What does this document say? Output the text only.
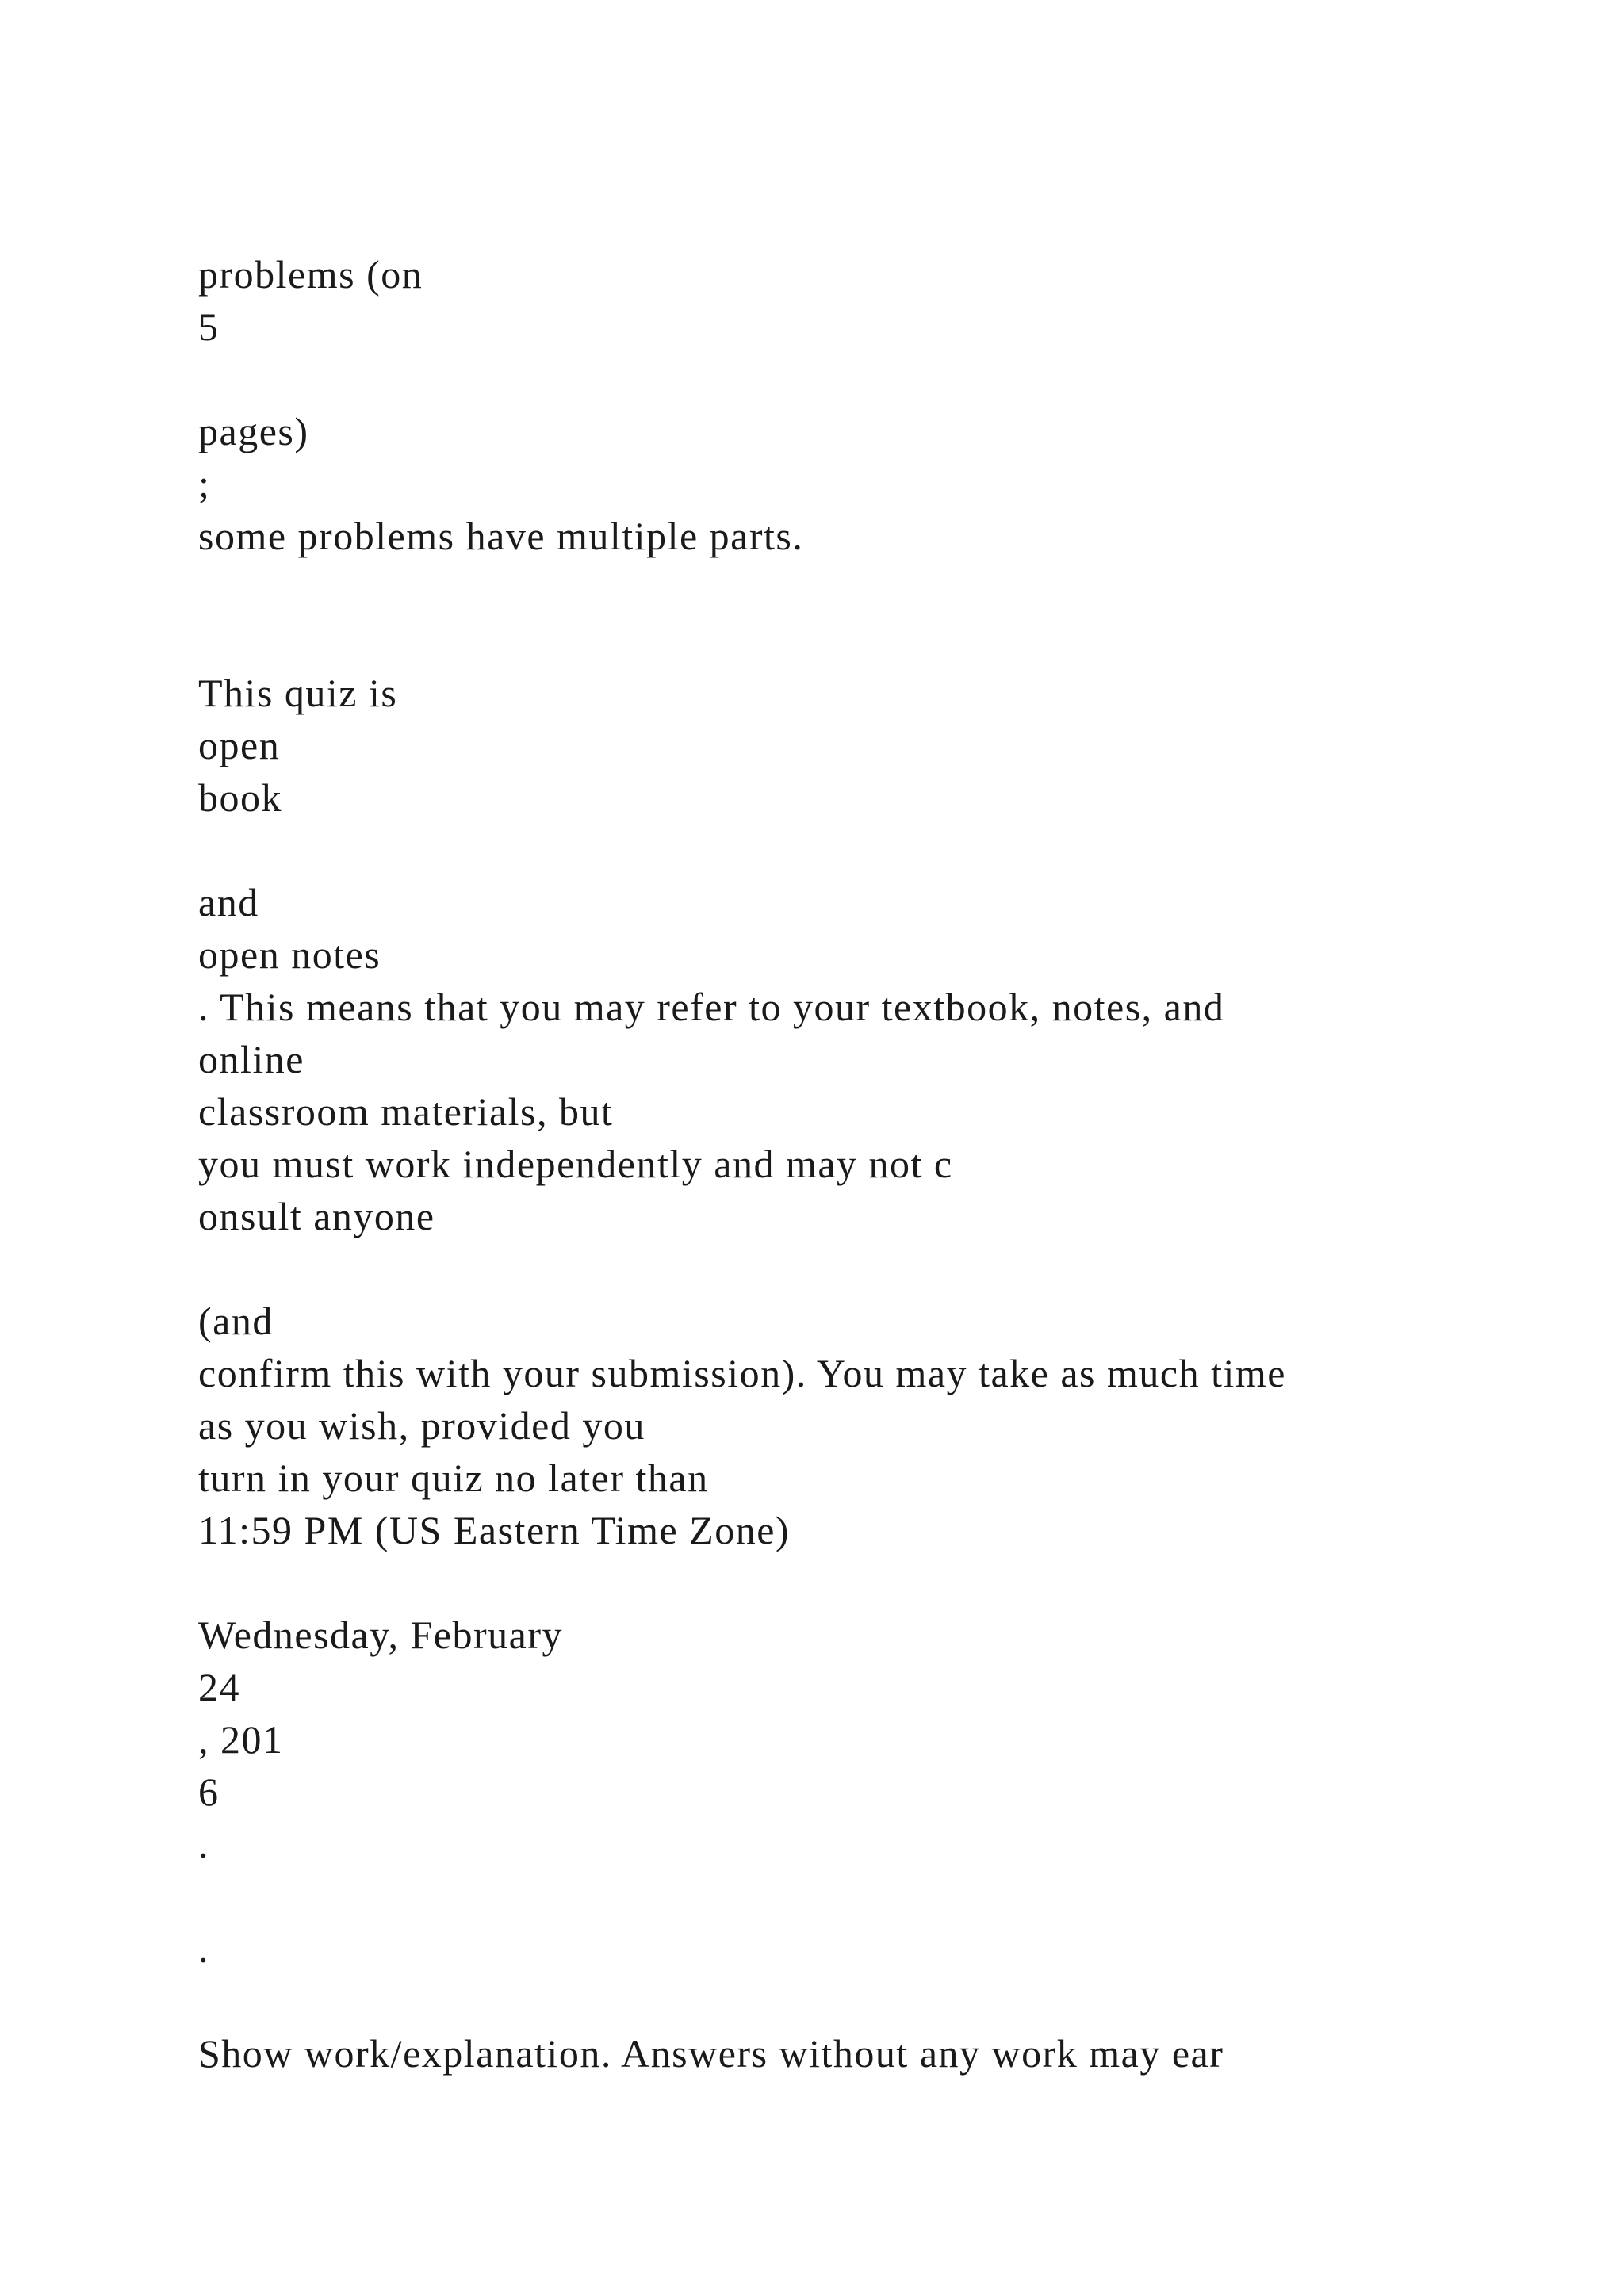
problems (on
5
pages)
;
some problems have multiple parts.
This quiz is
open
book
and
open notes
. This means that you may refer to your textbook, notes, and
online
classroom materials, but
you must work independently and may not c
onsult anyone
(and
confirm this with your submission). You may take as much time
as you wish, provided you
turn in your quiz no later than
11:59 PM (US Eastern Time Zone)
Wednesday, February
24
, 201
6
.
.
Show work/explanation. Answers without any work may ear
